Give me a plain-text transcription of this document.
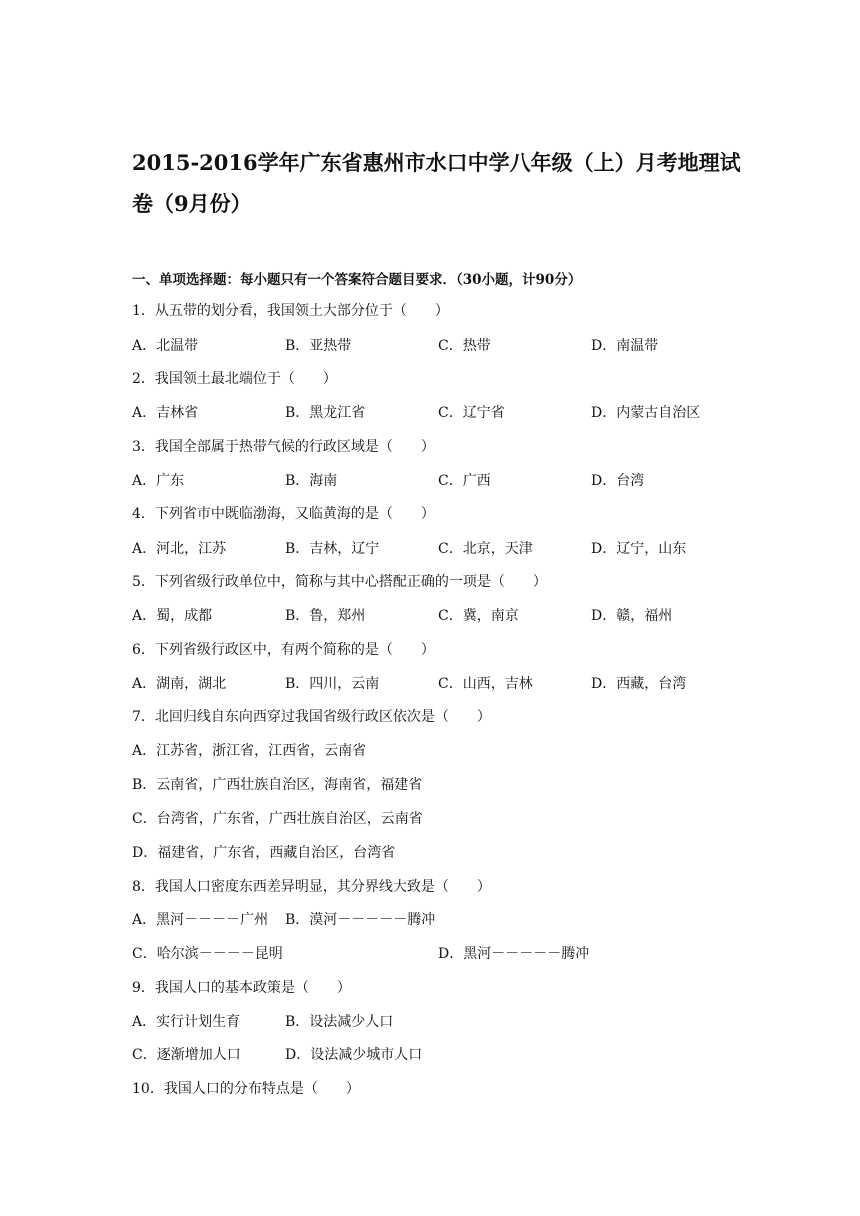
2015-2016学年广东省惠州市水口中学八年级（上）月考地理试
卷（9月份）
一、单项选择题：每小题只有一个答案符合题目要求．（30小题，计90分）
1．从五带的划分看，我国领土大部分位于（　　）
A．北温带	B．亚热带	C．热带	D．南温带
2．我国领土最北端位于（　　）
A．吉林省	B．黑龙江省	C．辽宁省	D．内蒙古自治区
3．我国全部属于热带气候的行政区域是（　　）
A．广东	B．海南	C．广西	D．台湾
4．下列省市中既临渤海，又临黄海的是（　　）
A．河北，江苏	B．吉林，辽宁	C．北京，天津	D．辽宁，山东
5．下列省级行政单位中，简称与其中心搭配正确的一项是（　　）
A．蜀，成都	B．鲁，郑州	C．冀，南京	D．赣，福州
6．下列省级行政区中，有两个简称的是（　　）
A．湖南，湖北	B．四川，云南	C．山西，吉林	D．西藏，台湾
7．北回归线自东向西穿过我国省级行政区依次是（　　）
A．江苏省，浙江省，江西省，云南省
B．云南省，广西壮族自治区，海南省，福建省
C．台湾省，广东省，广西壮族自治区，云南省
D．福建省，广东省，西藏自治区，台湾省
8．我国人口密度东西差异明显，其分界线大致是（　　）
A．黑河－－－－广州 B．漠河－－－－－腾冲
C．哈尔滨－－－－昆明	D．黑河－－－－－腾冲
9．我国人口的基本政策是（　　）
A．实行计划生育	B．设法减少人口
C．逐渐增加人口	D．设法减少城市人口
10．我国人口的分布特点是（　　）
